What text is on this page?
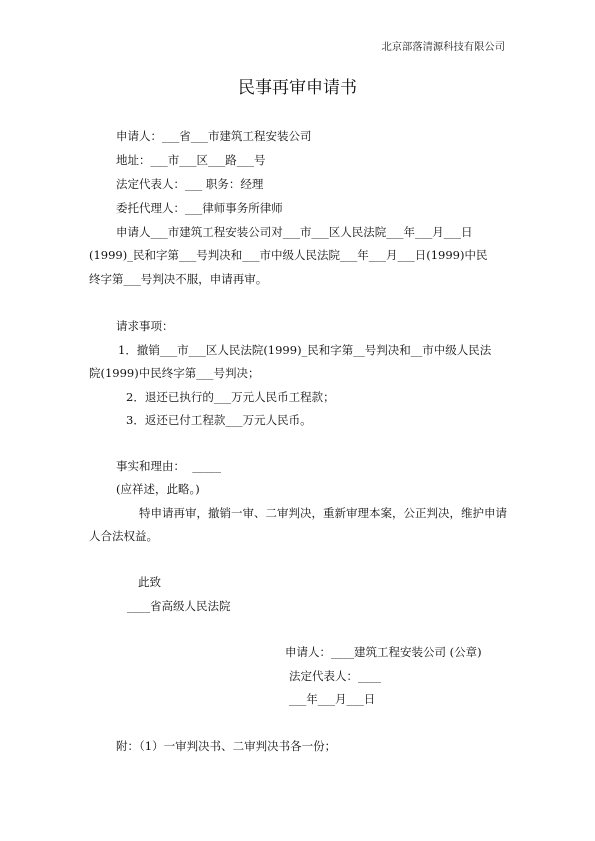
北京部落清源科技有限公司
民事再审申请书
申请人：___省___市建筑工程安装公司
地址：___市___区___路___号
法定代表人：___ 职务：经理
委托代理人：___律师事务所律师
申请人___市建筑工程安装公司对___市___区人民法院___年___月___日
(1999)_民和字第___号判决和___市中级人民法院___年___月___日(1999)中民
终字第___号判决不服，申请再审。
请求事项：
1．撤销___市___区人民法院(1999)_民和字第__号判决和__市中级人民法
院(1999)中民终字第___号判决；
2．退还已执行的___万元人民币工程款；
3．返还已付工程款___万元人民币。
事实和理由：  _____
(应祥述，此略。)
特申请再审，撤销一审、二审判决，重新审理本案，公正判决，维护申请
人合法权益。
此致
____省高级人民法院
申请人：____建筑工程安装公司 (公章)
法定代表人：____
___年___月___日
附：（1）一审判决书、二审判决书各一份；
